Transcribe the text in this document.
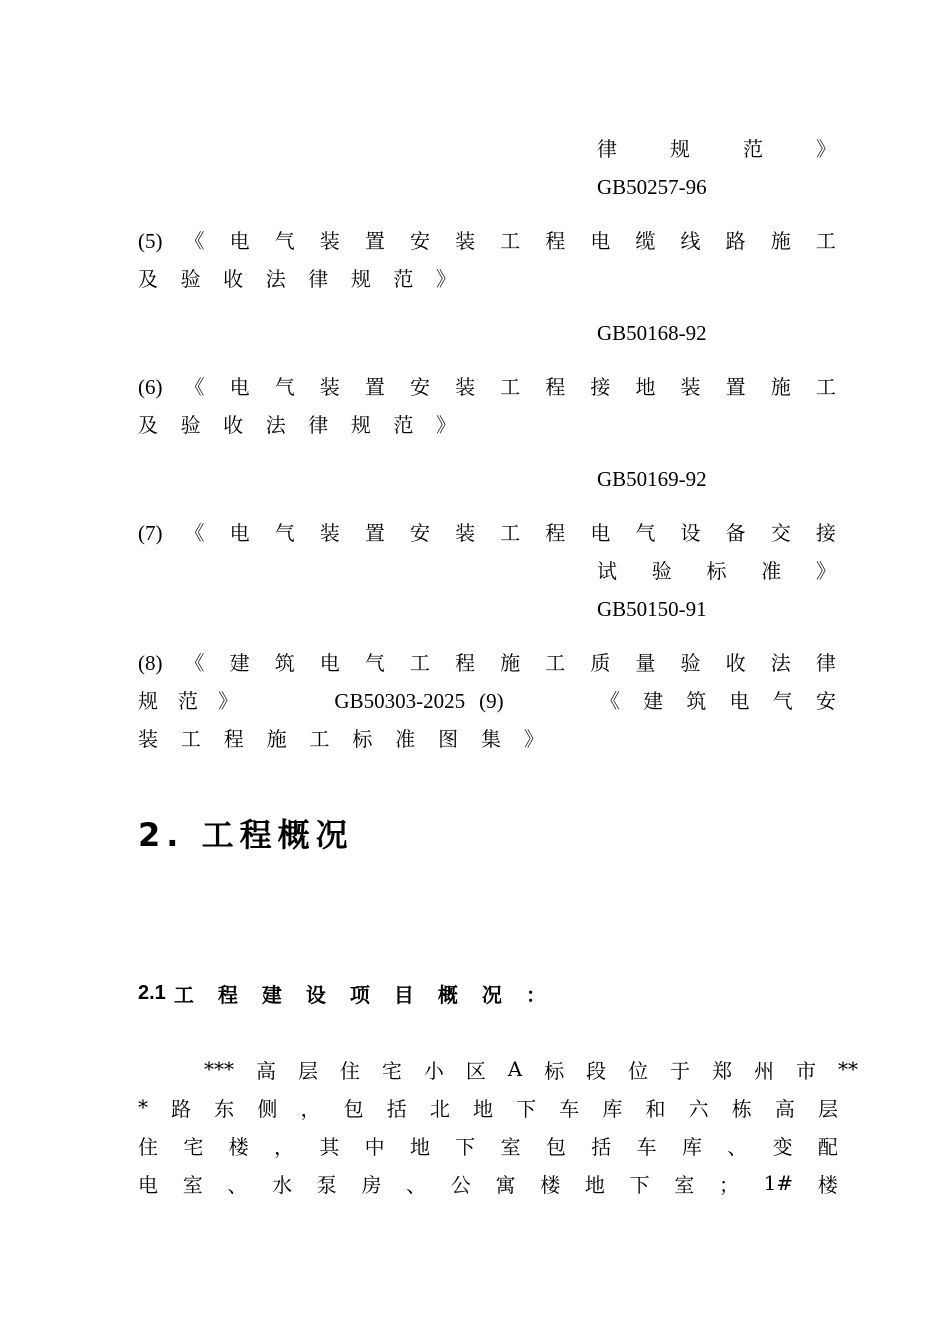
律	规	范	》
GB50257-96
(5) 《 电 气 装 置 安 装 工 程 电 缆 线 路 施 工
及 验 收 法 律 规 范 》
GB50168-92
(6) 《 电 气 装 置 安 装 工 程 接 地 装 置 施 工
及 验 收 法 律 规 范 》
GB50169-92
(7) 《 电 气 装 置 安 装 工 程 电 气 设 备 交 接
试 验 标 准 》
GB50150-91
(8) 《 建 筑 电 气 工 程 施 工 质 量 验 收 法 律
规 范 》	GB50303-2025 (9)	《 建 筑 电 气 安
装 工 程 施 工 标 准 图 集 》
2. 工程概况
2.1 工 程 建 设 项 目 概 况 ：
*** 高 层 住 宅 小 区 A 标 段 位 于 郑 州 市 **
* 路 东 侧 ， 包 括 北 地 下 车 库 和 六 栋 高 层
住 宅 楼 ， 其 中 地 下 室 包 括 车 库 、 变 配
电 室 、 水 泵 房 、 公 寓 楼 地 下 室 ； 1# 楼
